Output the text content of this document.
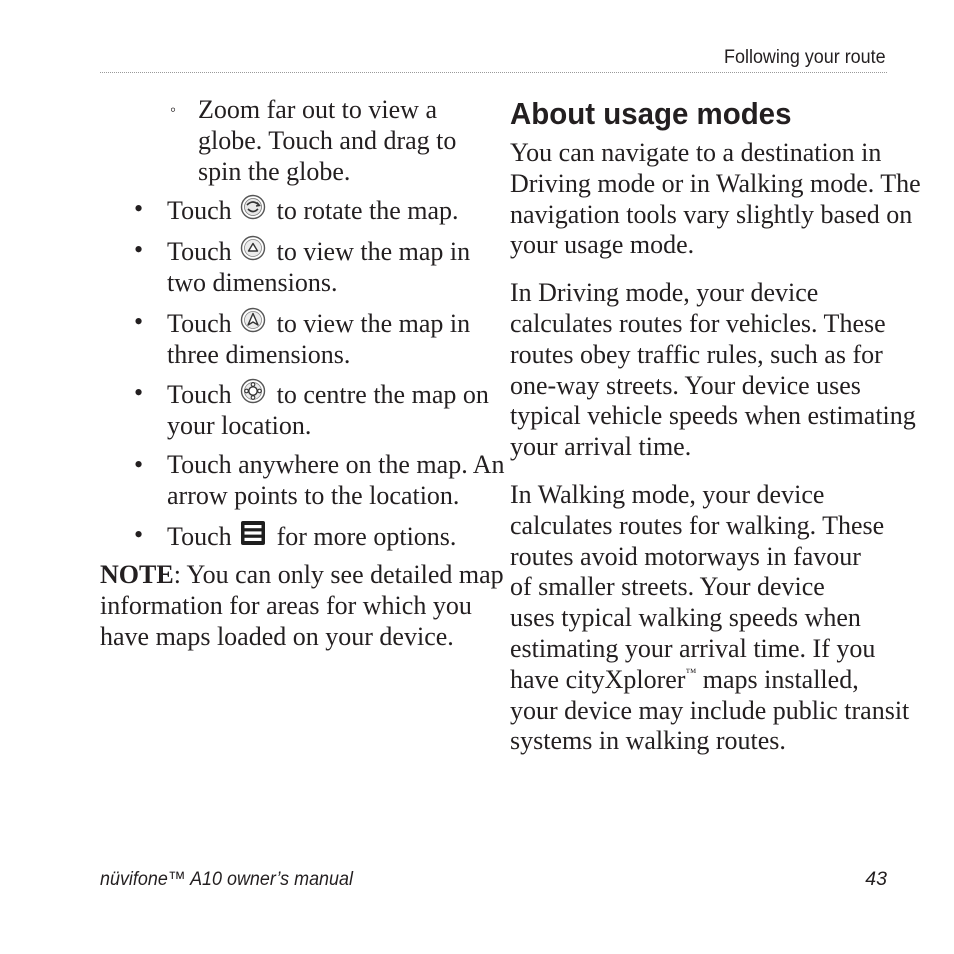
Following your route
◦ Zoom far out to view a
globe. Touch and drag to
spin the globe.
• Touch to rotate the map.
• Touch to view the map in
two dimensions.
• Touch to view the map in
three dimensions.
• Touch to centre the map on
your location.
• Touch anywhere on the map. An
arrow points to the location.
• Touch for more options.
NOTE: You can only see detailed map
information for areas for which you
have maps loaded on your device.
About usage modes
You can navigate to a destination in
Driving mode or in Walking mode. The
navigation tools vary slightly based on
your usage mode.
In Driving mode, your device
calculates routes for vehicles. These
routes obey traffic rules, such as for
one-way streets. Your device uses
typical vehicle speeds when estimating
your arrival time.
In Walking mode, your device
calculates routes for walking. These
routes avoid motorways in favour
of smaller streets. Your device
uses typical walking speeds when
estimating your arrival time. If you
have cityXplorer™ maps installed,
your device may include public transit
systems in walking routes.
nüvifone™ A10 owner’s manual	43
